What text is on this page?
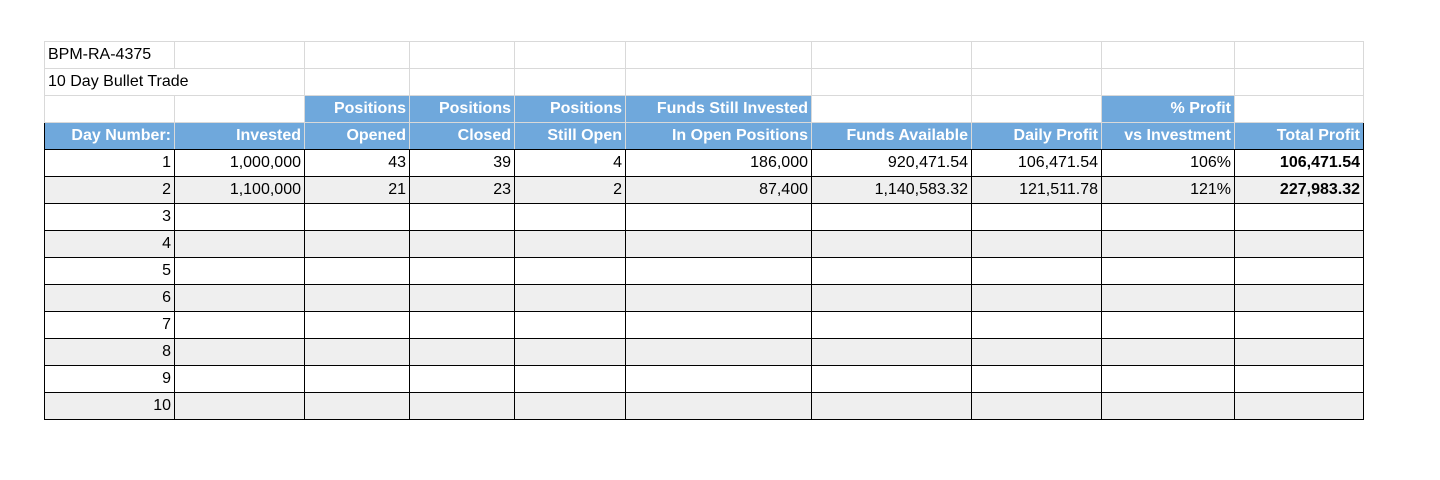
BPM-RA-4375									
10 Day Bullet Trade									
		Positions	Positions	Positions	Funds Still Invested			% Profit	
Day Number:	Invested	Opened	Closed	Still Open	In Open Positions	Funds Available	Daily Profit	vs Investment	Total Profit
1	1,000,000	43	39	4	186,000	920,471.54	106,471.54	106%	106,471.54
2	1,100,000	21	23	2	87,400	1,140,583.32	121,511.78	121%	227,983.32
3									
4									
5									
6									
7									
8									
9									
10									
